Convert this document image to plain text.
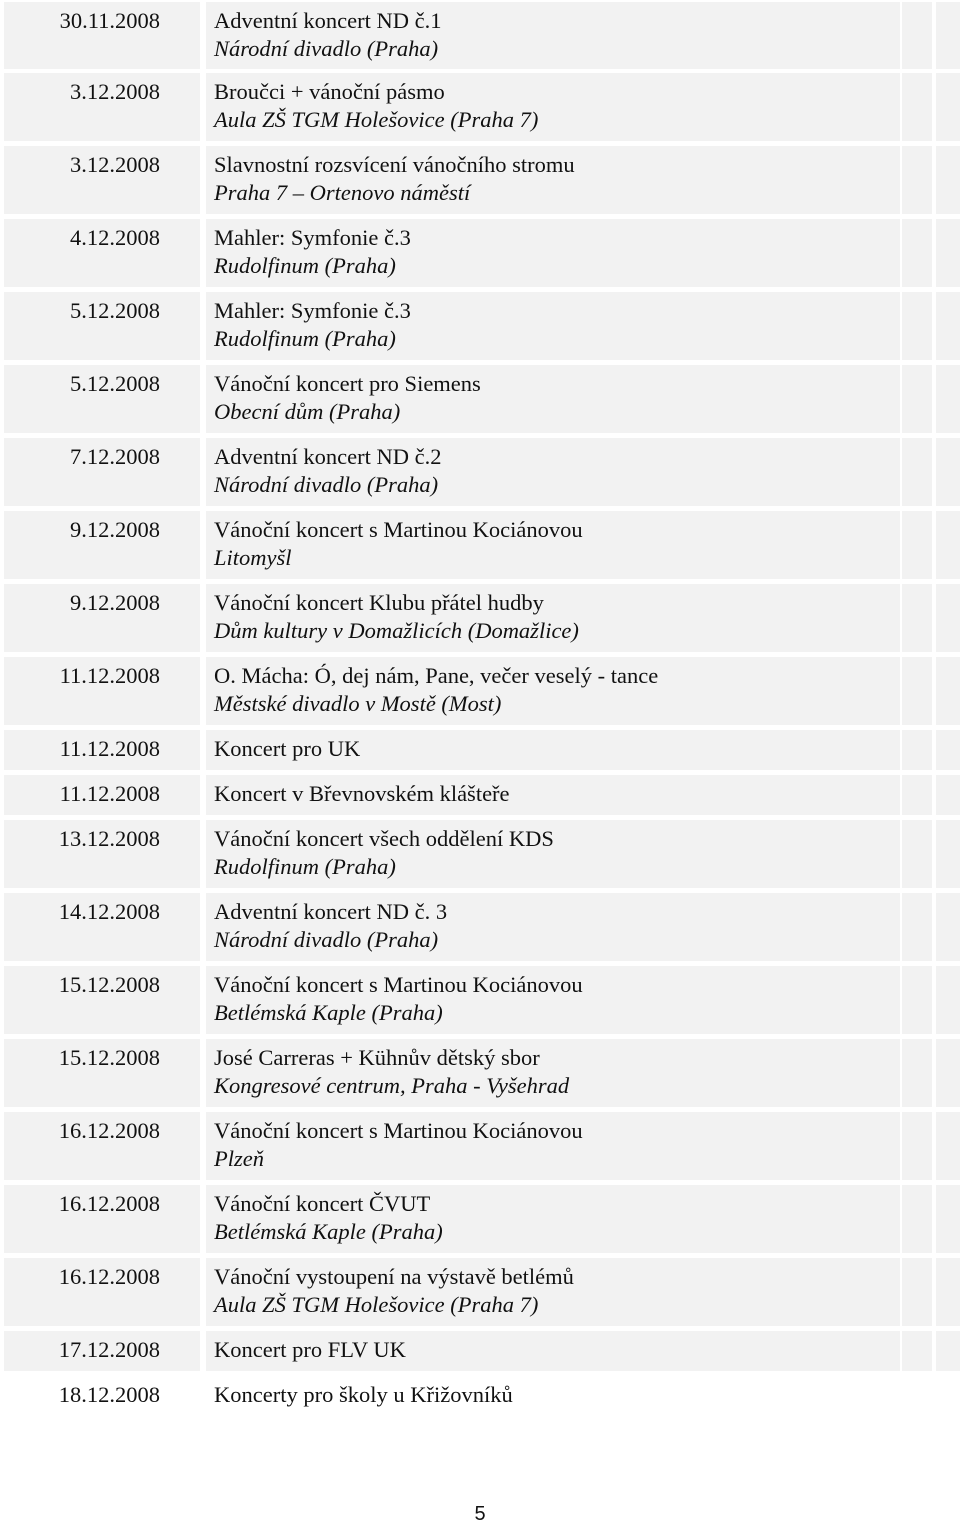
30.11.2008 Adventní koncert ND č.1
Národní divadlo (Praha)
3.12.2008 Broučci + vánoční pásmo
Aula ZŠ TGM Holešovice (Praha 7)
3.12.2008 Slavnostní rozsvícení vánočního stromu
Praha 7 – Ortenovo náměstí
4.12.2008 Mahler: Symfonie č.3
Rudolfinum (Praha)
5.12.2008 Mahler: Symfonie č.3
Rudolfinum (Praha)
5.12.2008 Vánoční koncert pro Siemens
Obecní dům (Praha)
7.12.2008 Adventní koncert ND č.2
Národní divadlo (Praha)
9.12.2008 Vánoční koncert s Martinou Kociánovou
Litomyšl
9.12.2008 Vánoční koncert Klubu přátel hudby
Dům kultury v Domažlicích (Domažlice)
11.12.2008 O. Mácha: Ó, dej nám, Pane, večer veselý - tance
Městské divadlo v Mostě (Most)
11.12.2008 Koncert pro UK
11.12.2008 Koncert v Břevnovském klášteře
13.12.2008 Vánoční koncert všech oddělení KDS
Rudolfinum (Praha)
14.12.2008 Adventní koncert ND č. 3
Národní divadlo (Praha)
15.12.2008 Vánoční koncert s Martinou Kociánovou
Betlémská Kaple (Praha)
15.12.2008 José Carreras + Kühnův dětský sbor
Kongresové centrum, Praha - Vyšehrad
16.12.2008 Vánoční koncert s Martinou Kociánovou
Plzeň
16.12.2008 Vánoční koncert ČVUT
Betlémská Kaple (Praha)
16.12.2008 Vánoční vystoupení na výstavě betlémů
Aula ZŠ TGM Holešovice (Praha 7)
17.12.2008 Koncert pro FLV UK
18.12.2008 Koncerty pro školy u Křižovníků
5
